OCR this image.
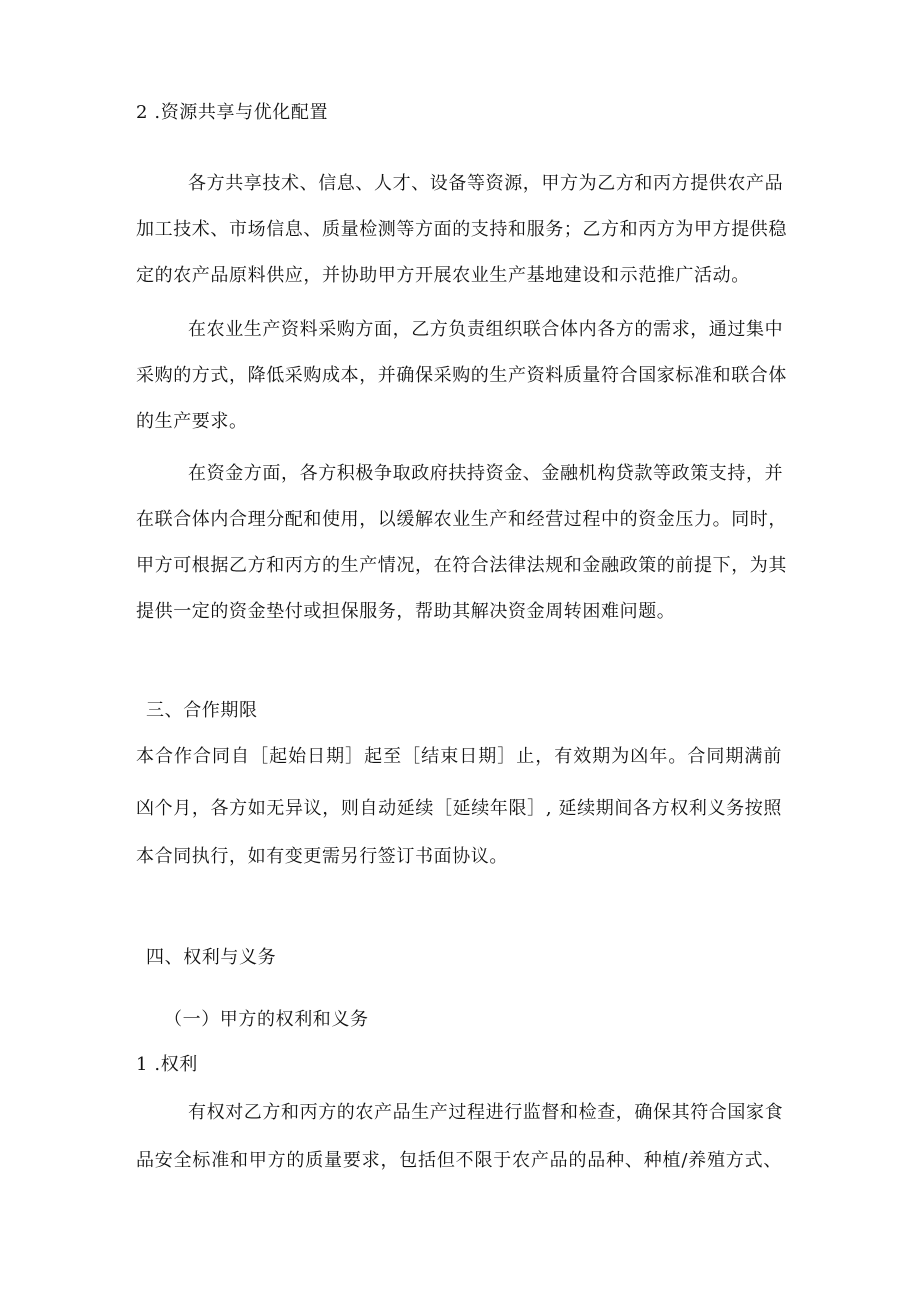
2 .资源共享与优化配置
各方共享技术、信息、人才、设备等资源，甲方为乙方和丙方提供农产品
加工技术、市场信息、质量检测等方面的支持和服务；乙方和丙方为甲方提供稳
定的农产品原料供应，并协助甲方开展农业生产基地建设和示范推广活动。
在农业生产资料采购方面，乙方负责组织联合体内各方的需求，通过集中
采购的方式，降低采购成本，并确保采购的生产资料质量符合国家标准和联合体
的生产要求。
在资金方面，各方积极争取政府扶持资金、金融机构贷款等政策支持，并
在联合体内合理分配和使用，以缓解农业生产和经营过程中的资金压力。同时，
甲方可根据乙方和丙方的生产情况，在符合法律法规和金融政策的前提下，为其
提供一定的资金垫付或担保服务，帮助其解决资金周转困难问题。
三、合作期限
本合作合同自［起始日期］起至［结束日期］止，有效期为凶年。合同期满前
凶个月，各方如无异议，则自动延续［延续年限］, 延续期间各方权利义务按照
本合同执行，如有变更需另行签订书面协议。
四、权利与义务
（一）甲方的权利和义务
1 .权利
有权对乙方和丙方的农产品生产过程进行监督和检查，确保其符合国家食
品安全标准和甲方的质量要求，包括但不限于农产品的品种、种植/养殖方式、
